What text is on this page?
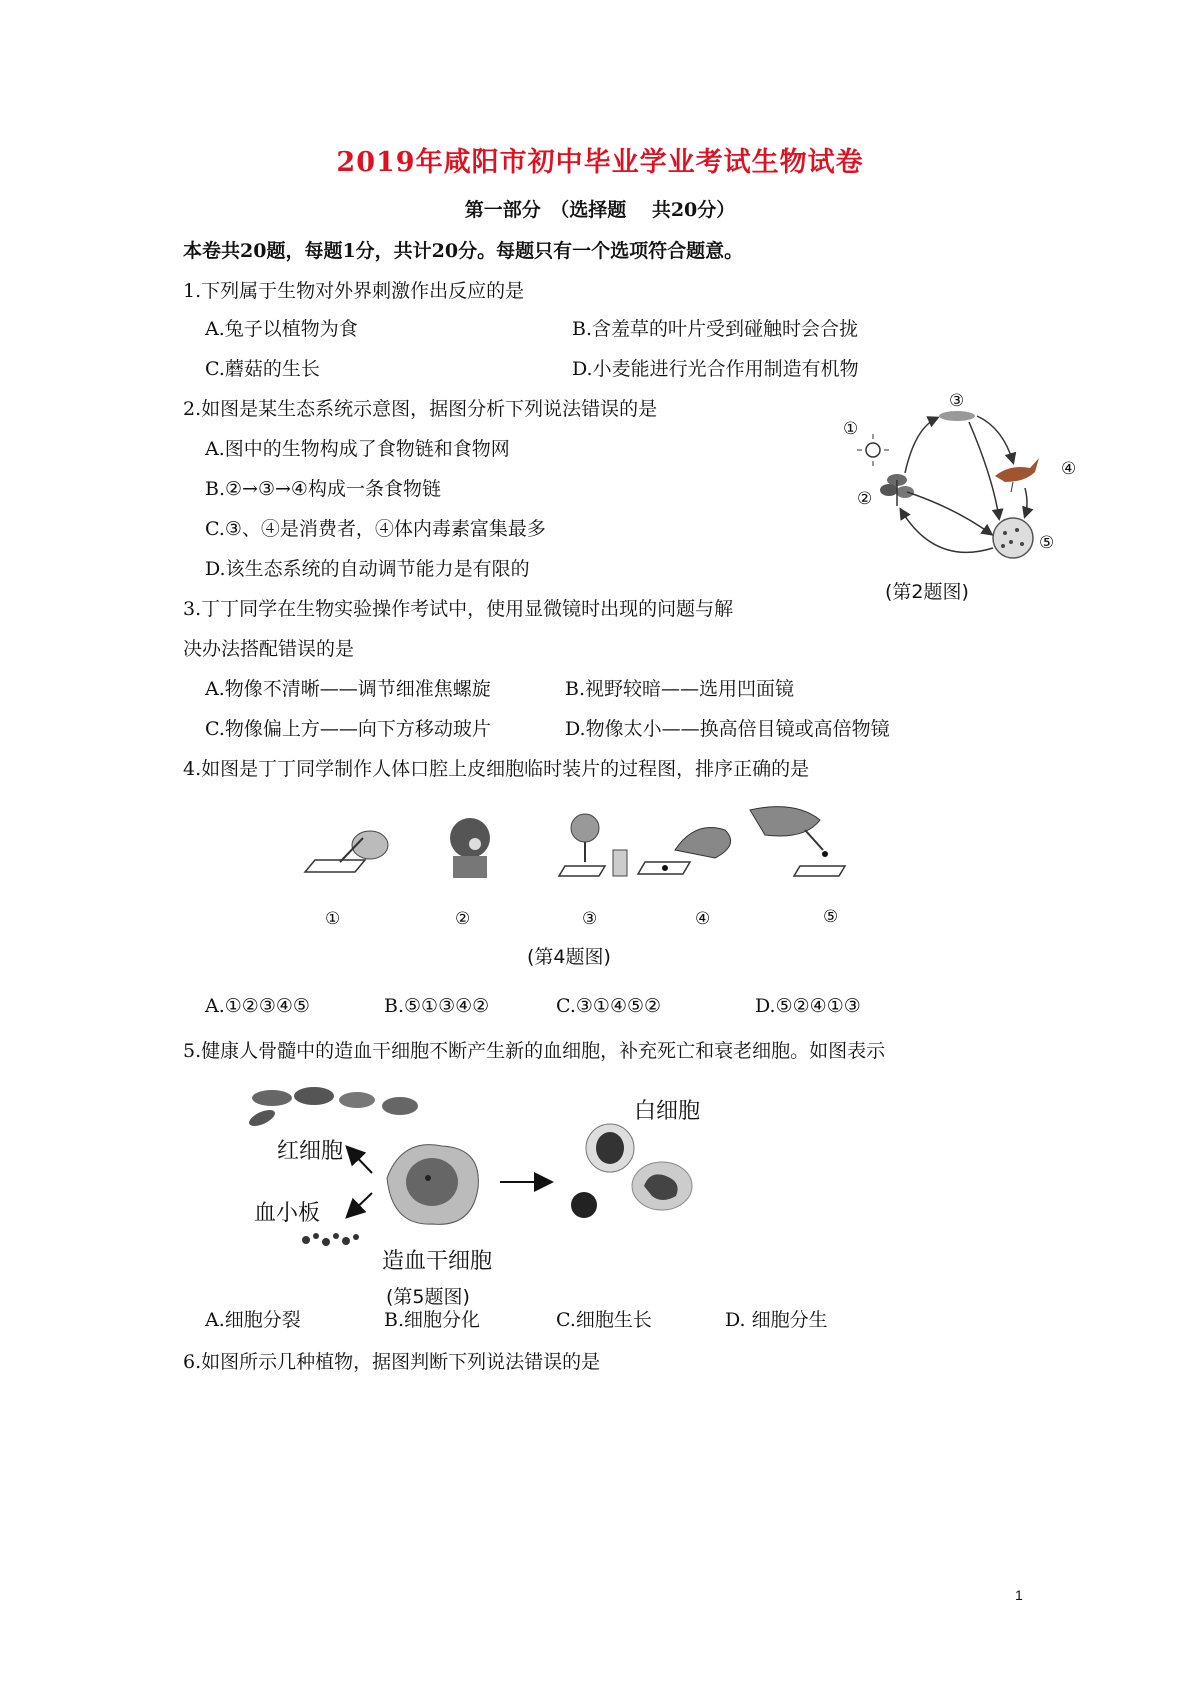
2019年咸阳市初中毕业学业考试生物试卷
第一部分　（选择题　 共20分）
本卷共20题，每题1分，共计20分。每题只有一个选项符合题意。
1.下列属于生物对外界刺激作出反应的是
A.兔子以植物为食	B.含羞草的叶片受到碰触时会合拢
C.蘑菇的生长	D.小麦能进行光合作用制造有机物
2.如图是某生态系统示意图，据图分析下列说法错误的是
A.图中的生物构成了食物链和食物网
B.②→③→④构成一条食物链
C.③、④是消费者，④体内毒素富集最多
D.该生态系统的自动调节能力是有限的
①
②
③
④
⑤
(第2题图)
3.丁丁同学在生物实验操作考试中，使用显微镜时出现的问题与解
决办法搭配错误的是
A.物像不清晰——调节细准焦螺旋	B.视野较暗——选用凹面镜
C.物像偏上方——向下方移动玻片	D.物像太小——换高倍目镜或高倍物镜
4.如图是丁丁同学制作人体口腔上皮细胞临时装片的过程图，排序正确的是
①	②	③	④	⑤
(第4题图)
A.①②③④⑤	B.⑤①③④②	C.③①④⑤②	D.⑤②④①③
5.健康人骨髓中的造血干细胞不断产生新的血细胞，补充死亡和衰老细胞。如图表示
红细胞
血小板
造血干细胞
(第5题图)
白细胞
A.细胞分裂	B.细胞分化	C.细胞生长	D. 细胞分生
6.如图所示几种植物，据图判断下列说法错误的是
1
